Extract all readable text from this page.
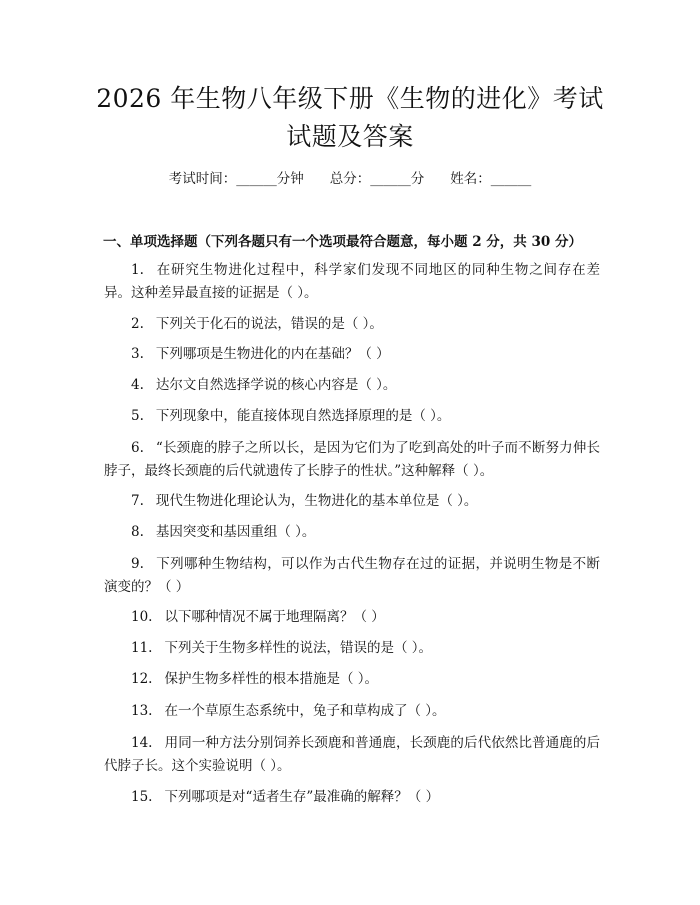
2026 年生物八年级下册《生物的进化》考试
试题及答案
考试时间：______分钟 总分：______分 姓名：______
一、单项选择题（下列各题只有一个选项最符合题意，每小题 2 分，共 30 分）
1. 在研究生物进化过程中，科学家们发现不同地区的同种生物之间存在差异。这种差异最直接的证据是（ ）。
2. 下列关于化石的说法，错误的是（ ）。
3. 下列哪项是生物进化的内在基础？（ ）
4. 达尔文自然选择学说的核心内容是（ ）。
5. 下列现象中，能直接体现自然选择原理的是（ ）。
6. “长颈鹿的脖子之所以长，是因为它们为了吃到高处的叶子而不断努力伸长脖子，最终长颈鹿的后代就遗传了长脖子的性状。”这种解释（ ）。
7. 现代生物进化理论认为，生物进化的基本单位是（ ）。
8. 基因突变和基因重组（ ）。
9. 下列哪种生物结构，可以作为古代生物存在过的证据，并说明生物是不断演变的？（ ）
10. 以下哪种情况不属于地理隔离？（ ）
11. 下列关于生物多样性的说法，错误的是（ ）。
12. 保护生物多样性的根本措施是（ ）。
13. 在一个草原生态系统中，兔子和草构成了（ ）。
14. 用同一种方法分别饲养长颈鹿和普通鹿，长颈鹿的后代依然比普通鹿的后代脖子长。这个实验说明（ ）。
15. 下列哪项是对“适者生存”最准确的解释？（ ）
